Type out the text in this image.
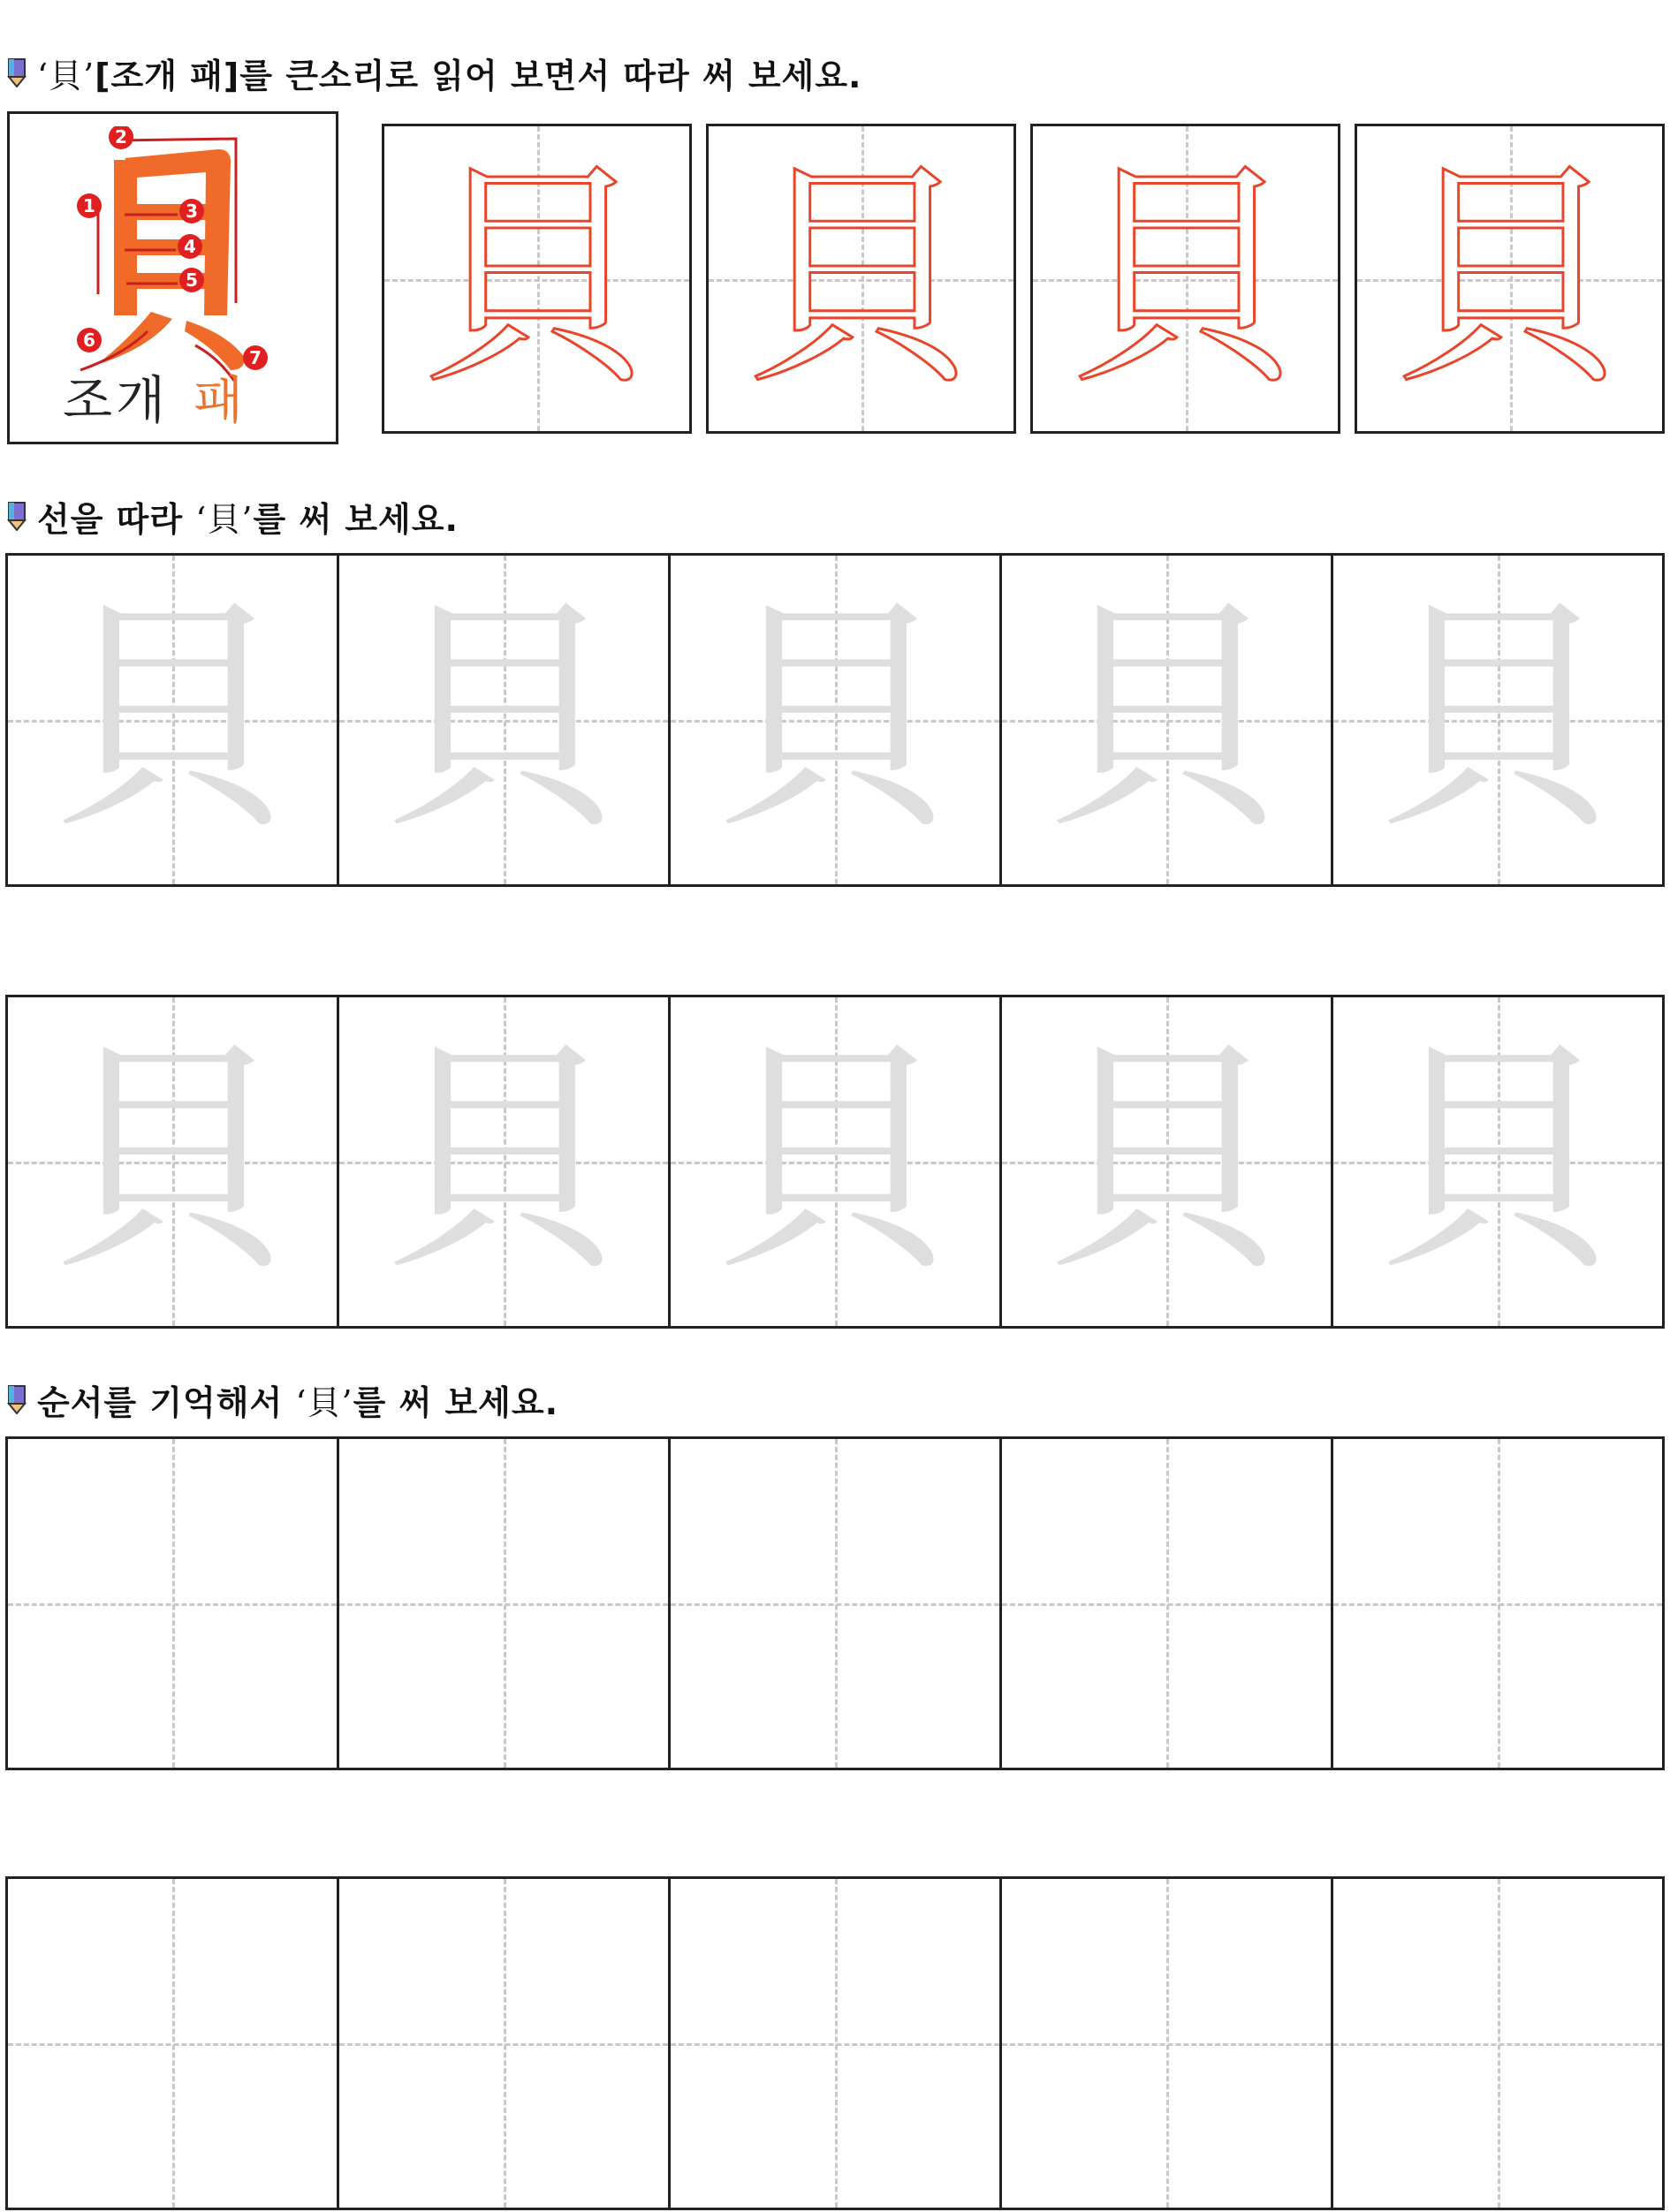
‘貝’[조개 패]를 큰소리로 읽어 보면서 따라 써 보세요.
1
2
3
4
5
6
7
조개 패 貝 貝 貝 貝
선을 따라 ‘貝’를 써 보세요.
貝 貝 貝 貝 貝
貝 貝 貝 貝 貝
순서를 기억해서 ‘貝’를 써 보세요.
